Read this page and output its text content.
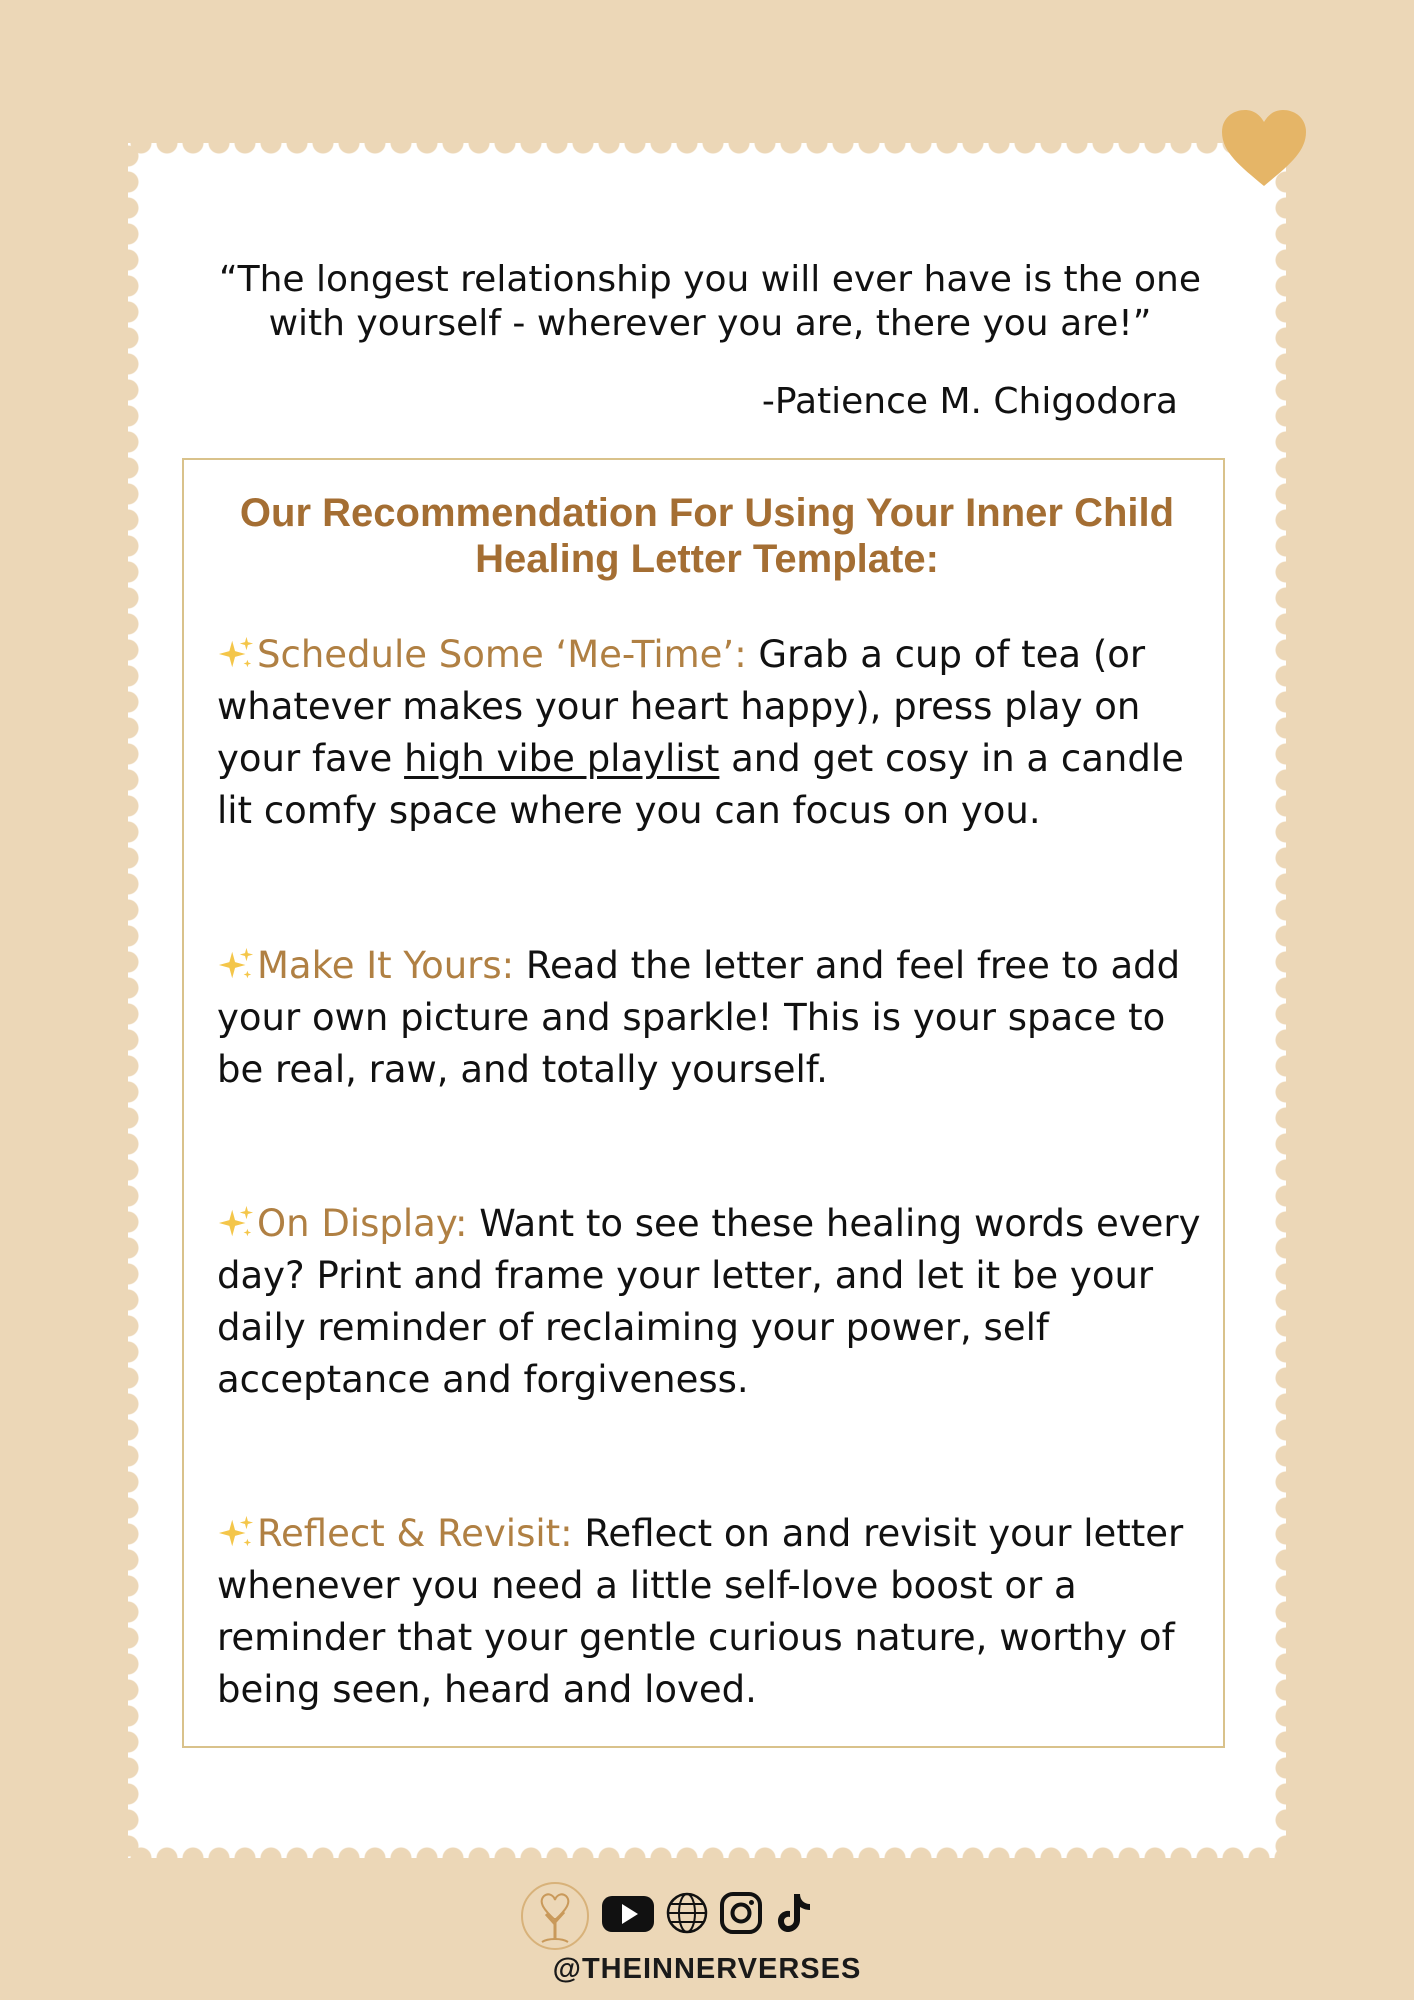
“The longest relationship you will ever have is the one with yourself - wherever you are, there you are!”
-Patience M. Chigodora
Our Recommendation For Using Your Inner Child Healing Letter Template:
Schedule Some ‘Me-Time’: Grab a cup of tea (or whatever makes your heart happy), press play on your fave high vibe playlist and get cosy in a candle lit comfy space where you can focus on you.
Make It Yours: Read the letter and feel free to add your own picture and sparkle! This is your space to be real, raw, and totally yourself.
On Display: Want to see these healing words every day? Print and frame your letter, and let it be your daily reminder of reclaiming your power, self acceptance and forgiveness.
Reflect & Revisit: Reflect on and revisit your letter whenever you need a little self-love boost or a reminder that your gentle curious nature, worthy of being seen, heard and loved.
@THEINNERVERSES
